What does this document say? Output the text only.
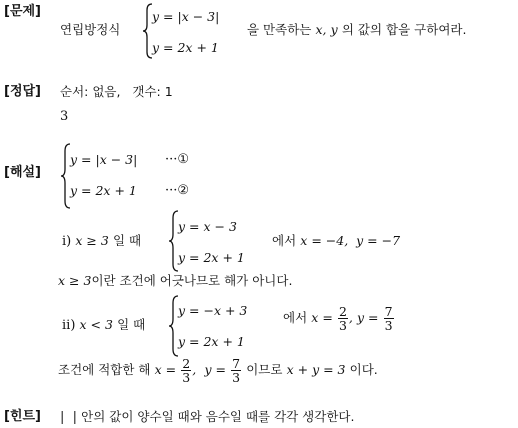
[문제]
연립방정식
y = |x − 3|
y = 2x + 1
을 만족하는 x, y 의 값의 합을 구하여라.
[정답] 순서: 없음,   갯수: 1
3
[해설]
y = |x − 3| ···①
y = 2x + 1 ···②
ⅰ) x ≥ 3 일 때
y = x − 3
y = 2x + 1
에서 x = −4,  y = −7
x ≥ 3이란 조건에 어긋나므로 해가 아니다.
ⅱ) x < 3 일 때
y = −x + 3
y = 2x + 1
에서 $x = \frac{2}{3}$ , $y = \frac{7}{3}$
조건에 적합한 해 $x = \frac{2}{3}$ , $y = \frac{7}{3}$ 이므로 x + y = 3 이다.
[힌트] |  | 안의 값이 양수일 때와 음수일 때를 각각 생각한다.
